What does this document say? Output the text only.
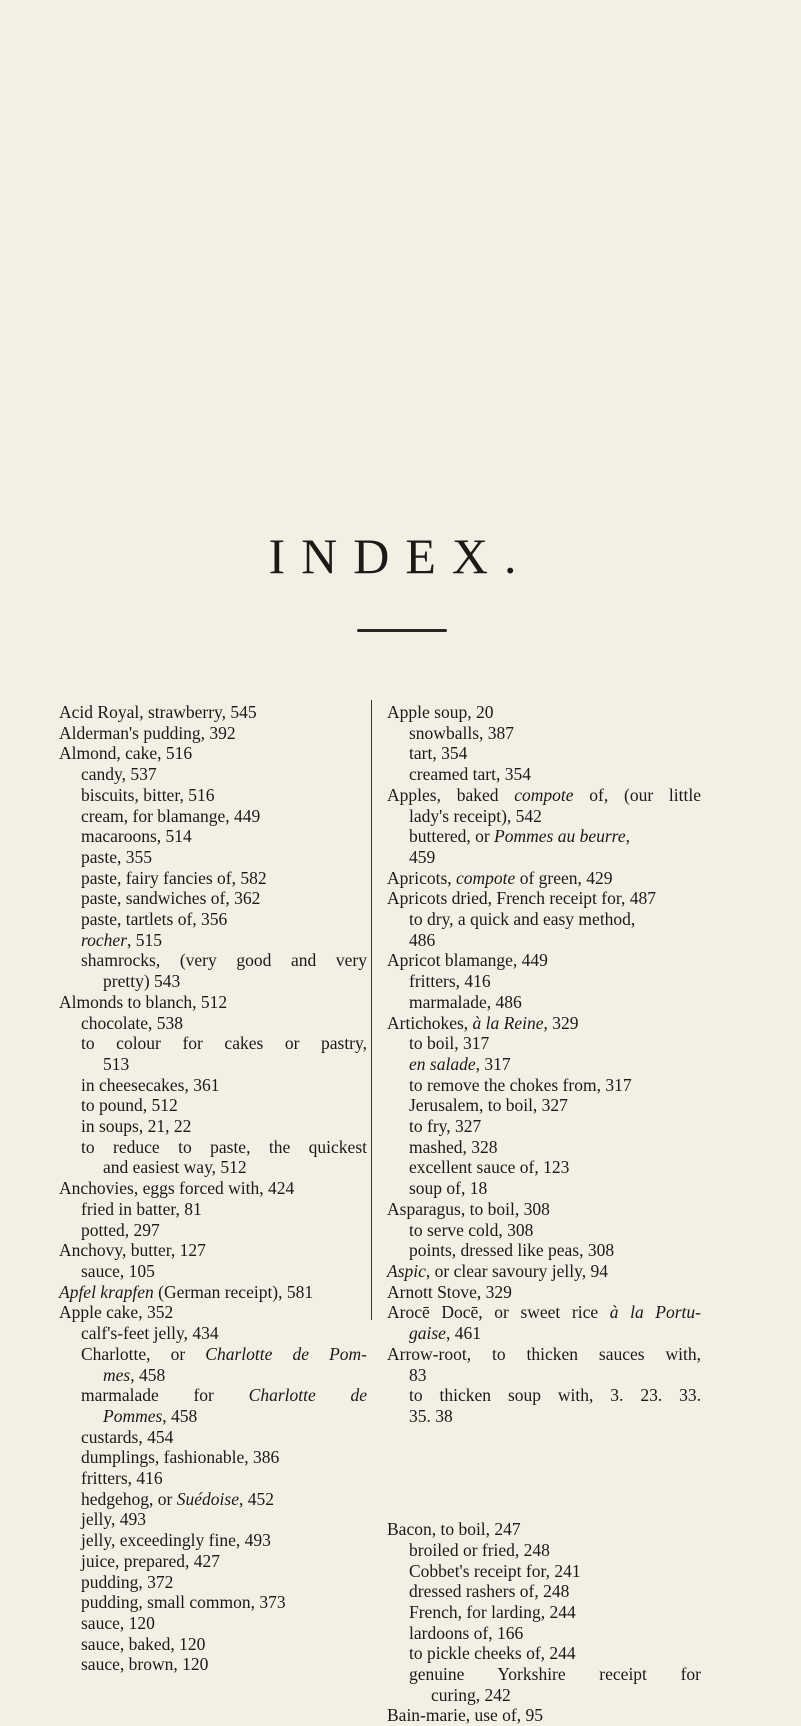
INDEX.

Acid Royal, strawberry, 545

Alderman's pudding, 392

Almond, cake, 516

candy, 537

biscuits, bitter, 516

cream, for blamange, 449

macaroons, 514

paste, 355

paste, fairy fancies of, 582

paste, sandwiches of, 362

paste, tartlets of, 356

rocher, 515

shamrocks, (very good and very

pretty) 543

Almonds to blanch, 512

chocolate, 538

to colour for cakes or pastry,

513

in cheesecakes, 361

to pound, 512

in soups, 21, 22

to reduce to paste, the quickest

and easiest way, 512

Anchovies, eggs forced with, 424

fried in batter, 81

potted, 297

Anchovy, butter, 127

sauce, 105

Apfel krapfen (German receipt), 581

Apple cake, 352

calf's-feet jelly, 434

Charlotte, or Charlotte de Pom-

mes, 458

marmalade for Charlotte de

Pommes, 458

custards, 454

dumplings, fashionable, 386

fritters, 416

hedgehog, or Suédoise, 452

jelly, 493

jelly, exceedingly fine, 493

juice, prepared, 427

pudding, 372

pudding, small common, 373

sauce, 120

sauce, baked, 120

sauce, brown, 120

Apple soup, 20

snowballs, 387

tart, 354

creamed tart, 354

Apples, baked compote of, (our little

lady's receipt), 542

buttered, or Pommes au beurre,

459

Apricots, compote of green, 429

Apricots dried, French receipt for, 487

to dry, a quick and easy method,

486

Apricot blamange, 449

fritters, 416

marmalade, 486

Artichokes, à la Reine, 329

to boil, 317

en salade, 317

to remove the chokes from, 317

Jerusalem, to boil, 327

to fry, 327

mashed, 328

excellent sauce of, 123

soup of, 18

Asparagus, to boil, 308

to serve cold, 308

points, dressed like peas, 308

Aspic, or clear savoury jelly, 94

Arnott Stove, 329

Arocē Docē, or sweet rice à la Portu-

gaise, 461

Arrow-root, to thicken sauces with,

83

to thicken soup with, 3. 23. 33.

35. 38

Bacon, to boil, 247

broiled or fried, 248

Cobbet's receipt for, 241

dressed rashers of, 248

French, for larding, 244

lardoons of, 166

to pickle cheeks of, 244

genuine Yorkshire receipt for

curing, 242

Bain-marie, use of, 95
